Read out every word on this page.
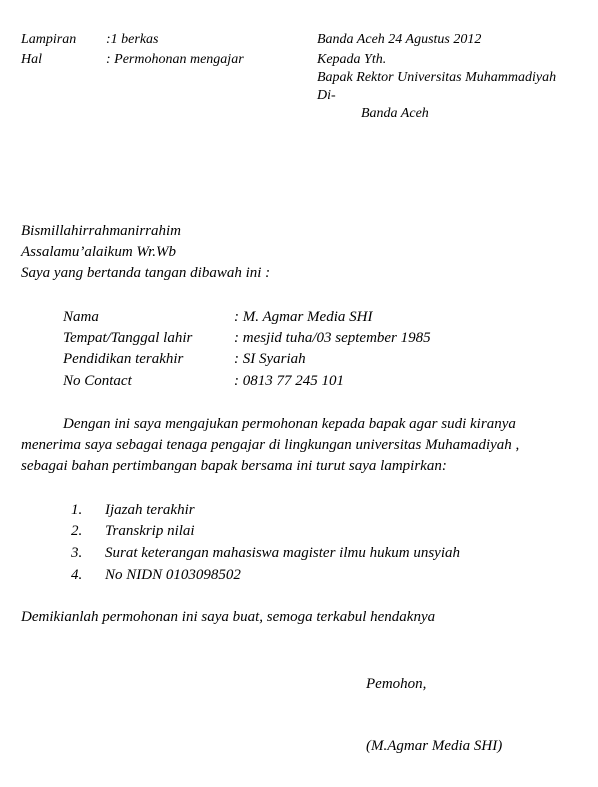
Lampiran :1 berkas
Hal	: Permohonan mengajar
Banda Aceh 24 Agustus 2012
Kepada Yth.
Bapak Rektor Universitas Muhammadiyah
Di-
Banda Aceh
Bismillahirrahmanirrahim
Assalamu’alaikum Wr.Wb
Saya yang bertanda tangan dibawah ini :
Nama	: M. Agmar Media SHI
Tempat/Tanggal lahir	: mesjid tuha/03 september 1985
Pendidikan terakhir	: SI Syariah
No Contact	: 0813 77 245 101
Dengan ini saya mengajukan permohonan kepada bapak agar sudi kiranya
menerima saya sebagai tenaga pengajar di lingkungan universitas Muhamadiyah ,
sebagai bahan pertimbangan bapak bersama ini turut saya lampirkan:
1. Ijazah terakhir
2. Transkrip nilai
3. Surat keterangan mahasiswa magister ilmu hukum unsyiah
4. No NIDN 0103098502
Demikianlah permohonan ini saya buat, semoga terkabul hendaknya
Pemohon,
(M.Agmar Media SHI)
